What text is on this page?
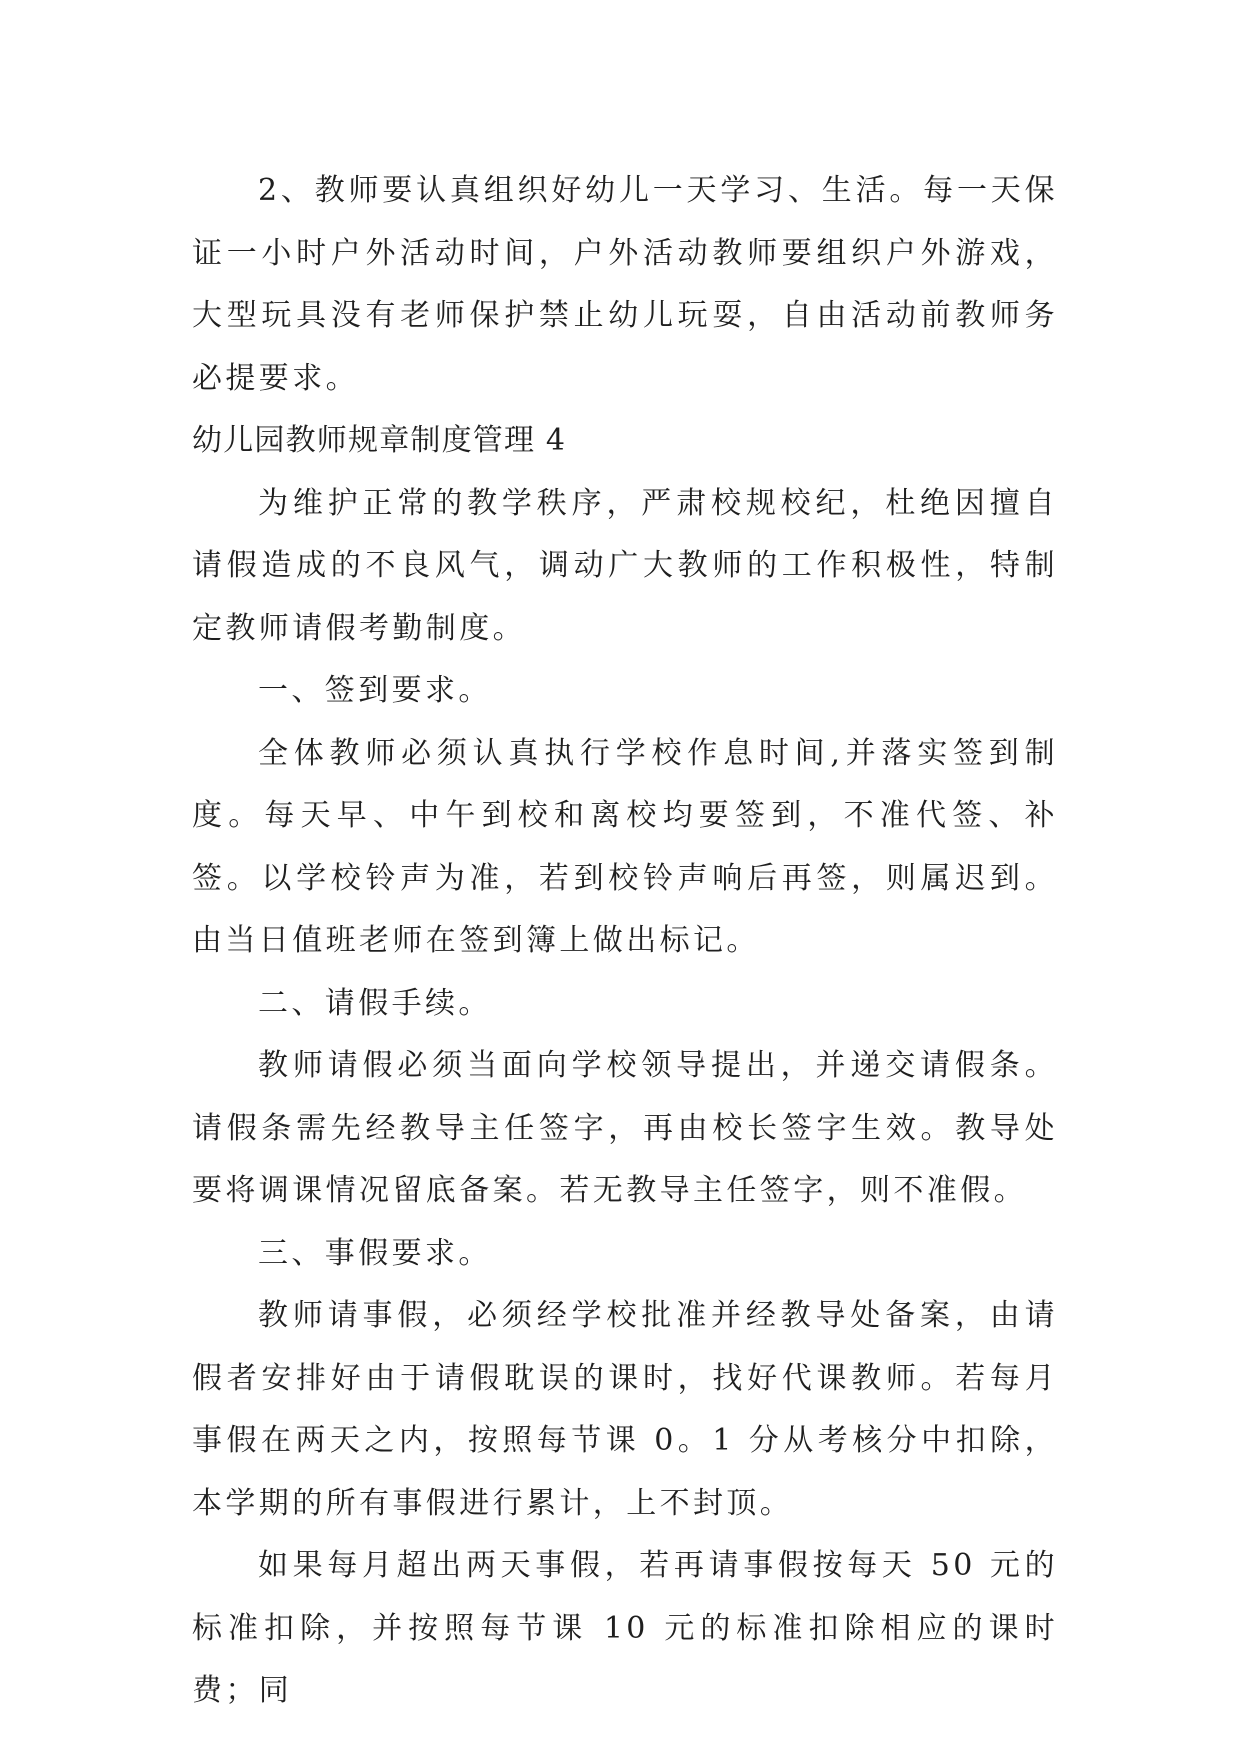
2、教师要认真组织好幼儿一天学习、生活。每一天保证一小时户外活动时间，户外活动教师要组织户外游戏，大型玩具没有老师保护禁止幼儿玩耍，自由活动前教师务必提要求。

幼儿园教师规章制度管理 4

为维护正常的教学秩序，严肃校规校纪，杜绝因擅自请假造成的不良风气，调动广大教师的工作积极性，特制定教师请假考勤制度。

一、签到要求。

全体教师必须认真执行学校作息时间,并落实签到制度。每天早、中午到校和离校均要签到，不准代签、补签。以学校铃声为准，若到校铃声响后再签，则属迟到。由当日值班老师在签到簿上做出标记。

二、请假手续。

教师请假必须当面向学校领导提出，并递交请假条。请假条需先经教导主任签字，再由校长签字生效。教导处要将调课情况留底备案。若无教导主任签字，则不准假。

三、事假要求。

教师请事假，必须经学校批准并经教导处备案，由请假者安排好由于请假耽误的课时，找好代课教师。若每月事假在两天之内，按照每节课 0。1 分从考核分中扣除，本学期的所有事假进行累计，上不封顶。

如果每月超出两天事假，若再请事假按每天 50 元的标准扣除，并按照每节课 10 元的标准扣除相应的课时费；同
